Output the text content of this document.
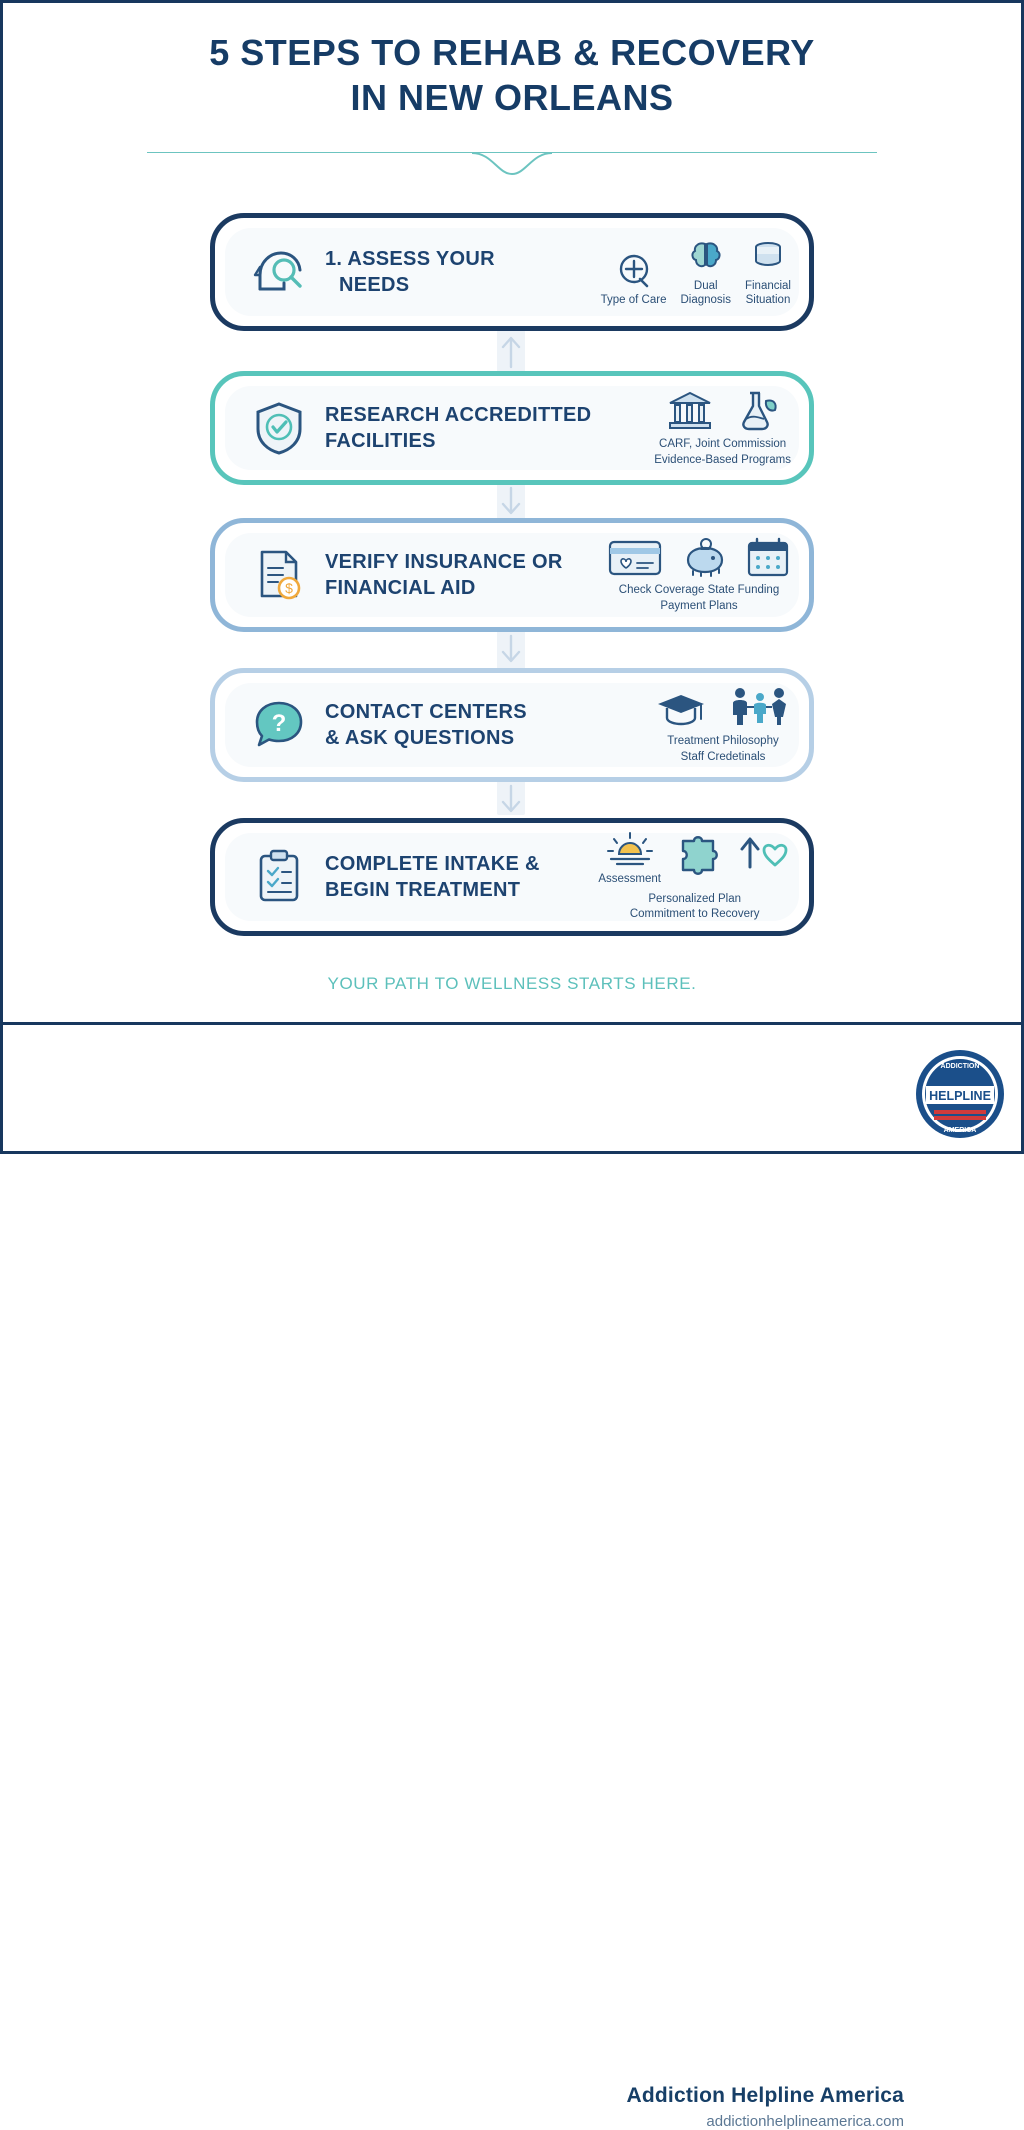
5 STEPS TO REHAB & RECOVERY
IN NEW ORLEANS
1. ASSESS YOUR
NEEDS
Type of Care
Dual
Diagnosis
Financial
Situation
RESEARCH ACCREDITTED
FACILITIES	CARF, Joint Commission
Evidence-Based Programs
$
VERIFY INSURANCE OR
FINANCIAL AID	Check Coverage State Funding
Payment Plans
? CONTACT CENTERS
& ASK QUESTIONS	Treatment Philosophy
Staff Credetinals
COMPLETE INTAKE &
BEGIN TREATMENT	Assessment
Personalized Plan
Commitment to Recovery
YOUR PATH TO WELLNESS STARTS HERE.
Addiction Helpline America
addictionhelplineamerica.com
HELPLINE
ADDICTION
AMERICA
